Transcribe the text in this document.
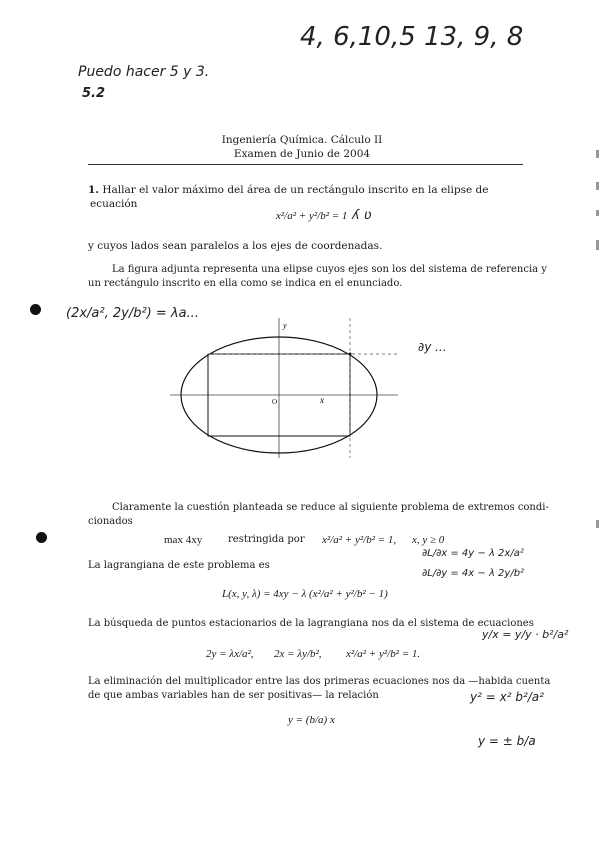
4, 6,10,5 13, 9, 8
Puedo hacer 5 y 3.
5.2
Ingeniería Química. Cálculo II
Examen de Junio de 2004
1. Hallar el valor máximo del área de un rectángulo inscrito en la elipse de
ecuación
x²/a² + y²/b² = 1 ʎ ʋ
y cuyos lados sean paralelos a los ejes de coordenadas.
La figura adjunta representa una elipse cuyos ejes son los del sistema de referencia y
un rectángulo inscrito en ella como se indica en el enunciado.
(2x/a², 2y/b²) = λa...
∂y ...
x
y
O
Claramente la cuestión planteada se reduce al siguiente problema de extremos condi-
cionados
max 4xy	restringida por x²/a² + y²/b² = 1, x, y ≥ 0
∂L/∂x = 4y − λ 2x/a²
∂L/∂y = 4x − λ 2y/b²
La lagrangiana de este problema es
L(x, y, λ) = 4xy − λ (x²/a² + y²/b² − 1)
La búsqueda de puntos estacionarios de la lagrangiana nos da el sistema de ecuaciones
y/x = y/y · b²/a²
2y = λx/a², 2x = λy/b², x²/a² + y²/b² = 1.
La eliminación del multiplicador entre las dos primeras ecuaciones nos da —habida cuenta
de que ambas variables han de ser positivas— la relación	y² = x² b²/a²
y = (b/a) x
y = ± b/a
